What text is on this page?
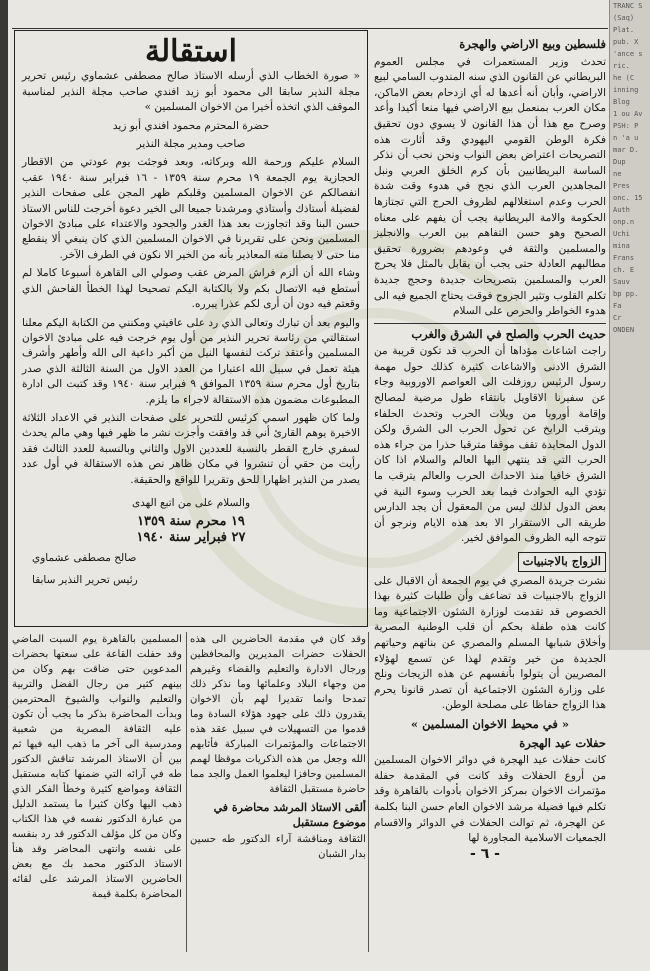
TRANC S
(Saq)
Plat.
pub. X
'ance s
ric.
he (C
inning
Blog
1 ou Av
PSH: P
n 'a u
mar D.
Dup
ne
Pres
onc. 15
Auth
onp.n
Uchi
mina
Frans
ch. E
Sauv
bp pp.
Fa
Cr
ONDEN
فلسطين وبيع الاراضي والهجرة

تحدث وزير المستعمرات في مجلس العموم البريطاني عن القانون الذي سنه المندوب السامي لبيع الاراضي، وأبان أنه أعدها له أي ازدحام بعض الاماكن، مكان العرب بمنعمل بيع الاراضي فيها منعا أكيدا وأعد وصرح مع هذا أن هذا القانون لا يسوي دون تحقيق فكرة الوطن القومي اليهودي وقد أثارت هذه التصريحات اعتراض بعض النواب ونحن نحب أن نذكر الساسة البريطانيين بأن كرم الخلق العربي ونبل المجاهدين العرب الذي نجح في هدوء وقت شدة الحرب وعدم استغلالهم لظروف الحرج التي تجتازها الحكومة والامة البريطانية يجب أن يفهم على معناه الصحيح وهو حسن التفاهم بين العرب والانجليز والمسلمين والثقة في وعودهم بضرورة تحقيق مطالبهم العادلة حتى يجب أن يقابل بالمثل فلا يحرج العرب والمسلمين بتصريحات جديدة وحجج جديدة تكلم القلوب وتثير الجروح فوقت يحتاج الجميع فيه الى هدوء الخواطر والحرص على السلام

حديث الحرب والصلح في الشرق والغرب

راجت اشاعات مؤداها أن الحرب قد تكون قريبة من الشرق الادنى والاشاعات كثيرة كذلك حول مهمة رسول الرئيس روزفلت الى العواصم الاوروبية وجاء عن سفيرنا الاقاويل بانتقاء طول مرضية لمصالح وإقامة أوروبا من ويلات الحرب وتحدث الحلفاء ويترقب الرايخ عن تحول الحرب الى الشرق ولكن الدول المحايدة تقف موقفا مترقبا حذرا من جراء هذه الحرب التي قد ينتهي اليها العالم والسلام اذا كان الشرق خافيا منذ الاحداث الحرب والعالم يترقب ما تؤدي اليه الحوادث فيما بعد الحرب وسوء النية في بعض الدول لذلك ليس من المعقول أن يجد الدارس طريقه الى الاستقرار الا بعد هذه الايام ونرجو أن تتوجه اليه الظروف الموافق لخير.

الزواج بالاجنبيات

نشرت جريدة المصري في يوم الجمعة أن الاقبال على الزواج بالاجنبيات قد تضاعف وأن طلبات كثيرة بهذا الخصوص قد تقدمت لوزارة الشئون الاجتماعية وما كانت هذه طفلة بحكم أن قلب الوطنية المصرية وأخلاق شبابها المسلم والمصري عن بناتهم وحياتهم الجديدة من خير وتقدم لهذا عن تسمع لهؤلاء المصريين أن يتولوا بأنفسهم عن هذه الزيجات ونلح على وزارة الشئون الاجتماعية أن تصدر قانونا يحرم هذا الزواج حفاظا على مصلحة الوطن.

« في محيط الاخوان المسلمين »
حفلات عيد الهجرة

كانت حفلات عيد الهجرة في دوائر الاخوان المسلمين من أروع الحفلات وقد كانت في المقدمة حفلة مؤتمرات الاخوان بمركز الاخوان بأدوات بالقاهرة وقد تكلم فيها فضيلة مرشد الاخوان العام حسن البنا بكلمة عن الهجرة، ثم توالت الحفلات في الدوائر والاقسام الجمعيات الاسلامية المجاورة لها

استقالة

« صورة الخطاب الذي أرسله الاستاذ صالح مصطفى عشماوي رئيس تحرير مجلة النذير سابقا الى محمود أبو زيد افندي صاحب مجلة النذير لمناسبة الموقف الذي اتخذه أخيرا من الاخوان المسلمين »

حضرة المحترم محمود افندي أبو زيد

صاحب ومدير مجلة النذير

السلام عليكم ورحمة الله وبركاته، وبعد فوجئت يوم عودتي من الاقطار الحجازية يوم الجمعة ١٩ محرم سنة ١٣٥٩ - ١٦ فبراير سنة ١٩٤٠ عقب انفصالكم عن الاخوان المسلمين وقلبكم ظهر المجن على صفحات النذير لفضيلة أستاذك وأستاذي ومرشدنا جميعا الى الخير دعوة أخرجت للناس الاستاذ حسن البنا وقد اتجاوزت بعد هذا الغدر والجحود والاعتداء على مبادئ الاخوان المسلمين ونحن على تقريرنا في الاخوان المسلمين الذي كان ينبغي ألا ينقطع منا حتى لا يصلنا منه المعاذير بأنه من الخير الا نكون في الطرف الآخر.

وشاء الله أن ألزم فراش المرض عقب وصولي الى القاهرة أسبوعا كاملا لم أستطع فيه الاتصال بكم ولا بالكتابة اليكم تصحيحا لهذا الخطأ الفاحش الذي وقعتم فيه دون أن أرى لكم عذرا يبرره.

واليوم بعد أن تبارك وتعالى الذي رد على عافيتي ومكنني من الكتابة اليكم معلنا استقالتي من رئاسة تحرير النذير من أول يوم خرجت فيه على مبادئ الاخوان المسلمين وأعتقد تركت لنفسها النيل من أكبر داعية الى الله وأطهر وأشرف هيئة تعمل في سبيل الله اعتبارا من العدد الاول من السنة الثالثة الذي صدر بتاريخ أول محرم سنة ١٣٥٩ الموافق ٩ فبراير سنة ١٩٤٠ وقد كتبت الى ادارة المطبوعات مضمون هذه الاستقالة لاجراء ما يلزم.

ولما كان ظهور اسمي كرئيس للتحرير على صفحات النذير في الاعداد الثلاثة الاخيرة يوهم القارئ أني قد وافقت وأجزت نشر ما ظهر فيها وهي مالم يحدث لسفري خارج القطر بالنسبة للعددين الاول والثاني وبالنسبة للعدد الثالث فقد رأيت من حقي أن تنشروا في مكان ظاهر نص هذه الاستقالة في أول عدد يصدر من النذير اظهارا للحق وتقريرا للواقع والحقيقة.

والسلام على من اتبع الهدى

١٩ محرم سنة ١٣٥٩
٢٧ فبراير سنة ١٩٤٠
صالح مصطفى عشماوي
رئيس تحرير النذير سابقا

وقد كان في مقدمة الحاضرين الى هذه الحفلات حضرات المديرين والمحافظين ورجال الادارة والتعليم والقضاء وغيرهم من وجهاء البلاد وعلمائها وما نذكر ذلك تمدحا وانما تقديرا لهم بأن الاخوان يقدرون ذلك على جهود هؤلاء السادة وما قدموا من التسهيلات في سبيل عقد هذه الاجتماعات والمؤتمرات المباركة فأثابهم الله وجعل من هذه الذكريات موقظا لهمم المسلمين وحافزا ليعلموا العمل والجد مما حاضرة مستقبل الثقافة

ألقى الاستاذ المرشد محاضرة في موضوع مستقبل

الثقافة ومناقشة آراء الدكتور طه حسين بدار الشبان

المسلمين بالقاهرة يوم السبت الماضي وقد حفلت القاعة على سعتها بحضرات المدعوين حتى ضاقت بهم وكان من بينهم كثير من رجال الفضل والتربية والتعليم والنواب والشيوخ المحترمين وبدأت المحاضرة بذكر ما يجب أن تكون عليه الثقافة المصرية من شعبية ومدرسية الى آخر ما ذهب اليه فيها ثم بين أن الاستاذ المرشد تناقش الدكتور طه في آرائه التي ضمنها كتابه مستقبل الثقافة ومواضع كثيرة وخطأ الفكر الذي ذهب اليها وكان كثيرا ما يستمد الدليل من عبارة الدكتور نفسه في هذا الكتاب وكان من كل مؤلف الدكتور قد رد بنفسه على نفسه وانتهى المحاضر وقد هنأ الاستاذ الدكتور محمد بك مع بعض الحاضرين الاستاذ المرشد على لقائه المحاضرة بكلمة قيمة

- ٦ -
